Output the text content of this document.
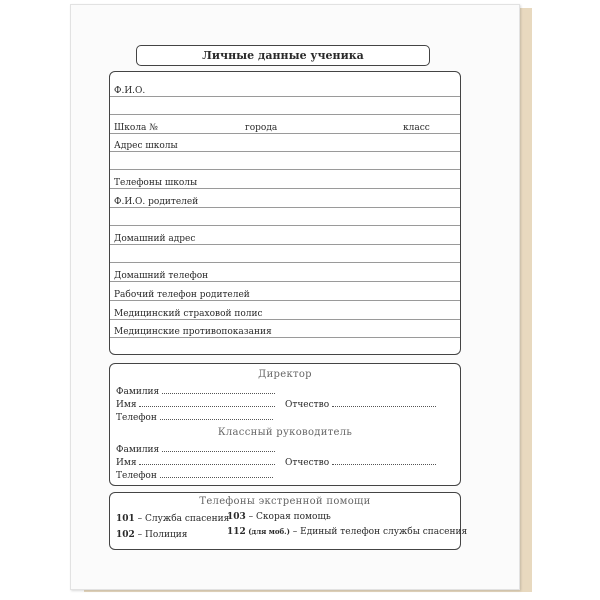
Личные данные ученика
Ф.И.О.
Школа №	города	класс
Адрес школы
Телефоны школы
Ф.И.О. родителей
Домашний адрес
Домашний телефон
Рабочий телефон родителей
Медицинский страховой полис
Медицинские противопоказания
Директор
Фамилия
Имя	Отчество
Телефон
Классный руководитель
Фамилия
Имя	Отчество
Телефон
Телефоны экстренной помощи
101 – Служба спасения
103 – Скорая помощь
102 – Полиция	112 (для моб.) – Единый телефон службы спасения
